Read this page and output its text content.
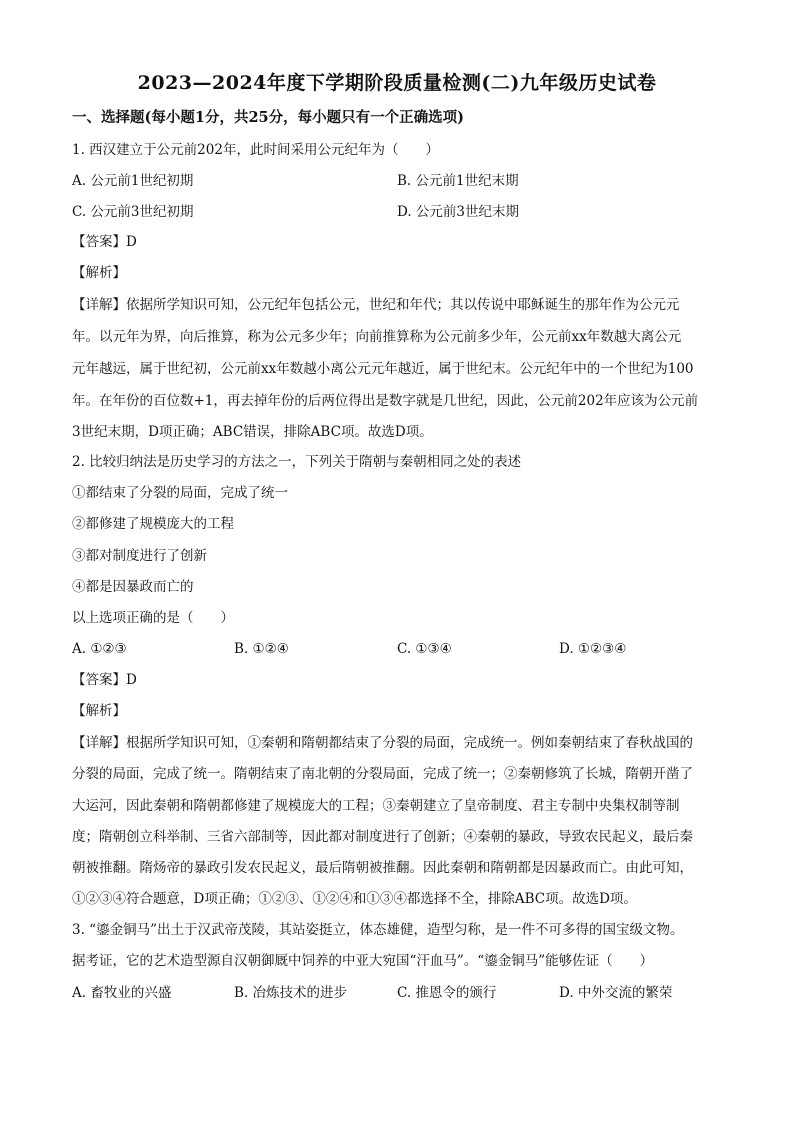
2023—2024年度下学期阶段质量检测(二)九年级历史试卷
一、选择题(每小题1分，共25分，每小题只有一个正确选项)
1. 西汉建立于公元前202年，此时间采用公元纪年为（　　）
A. 公元前1世纪初期	B. 公元前1世纪末期
C. 公元前3世纪初期	D. 公元前3世纪末期
【答案】D
【解析】
【详解】依据所学知识可知，公元纪年包括公元，世纪和年代；其以传说中耶稣诞生的那年作为公元元
年。以元年为界，向后推算，称为公元多少年；向前推算称为公元前多少年，公元前xx年数越大离公元
元年越远，属于世纪初，公元前xx年数越小离公元元年越近，属于世纪末。公元纪年中的一个世纪为100
年。在年份的百位数+1，再去掉年份的后两位得出是数字就是几世纪，因此，公元前202年应该为公元前
3世纪末期，D项正确；ABC错误，排除ABC项。故选D项。
2. 比较归纳法是历史学习的方法之一，下列关于隋朝与秦朝相同之处的表述
①都结束了分裂的局面，完成了统一
②都修建了规模庞大的工程
③都对制度进行了创新
④都是因暴政而亡的
以上选项正确的是（　　）
A. ①②③	B. ①②④	C. ①③④	D. ①②③④
【答案】D
【解析】
【详解】根据所学知识可知，①秦朝和隋朝都结束了分裂的局面，完成统一。例如秦朝结束了春秋战国的
分裂的局面，完成了统一。隋朝结束了南北朝的分裂局面，完成了统一；②秦朝修筑了长城，隋朝开凿了
大运河，因此秦朝和隋朝都修建了规模庞大的工程；③秦朝建立了皇帝制度、君主专制中央集权制等制
度；隋朝创立科举制、三省六部制等，因此都对制度进行了创新；④秦朝的暴政，导致农民起义，最后秦
朝被推翻。隋炀帝的暴政引发农民起义，最后隋朝被推翻。因此秦朝和隋朝都是因暴政而亡。由此可知，
①②③④符合题意，D项正确；①②③、①②④和①③④都选择不全，排除ABC项。故选D项。
3. “鎏金铜马”出土于汉武帝茂陵，其站姿挺立，体态雄健，造型匀称，是一件不可多得的国宝级文物。
据考证，它的艺术造型源自汉朝御厩中饲养的中亚大宛国“汗血马”。“鎏金铜马”能够佐证（　　）
A. 畜牧业的兴盛	B. 冶炼技术的进步	C. 推恩令的颁行	D. 中外交流的繁荣
